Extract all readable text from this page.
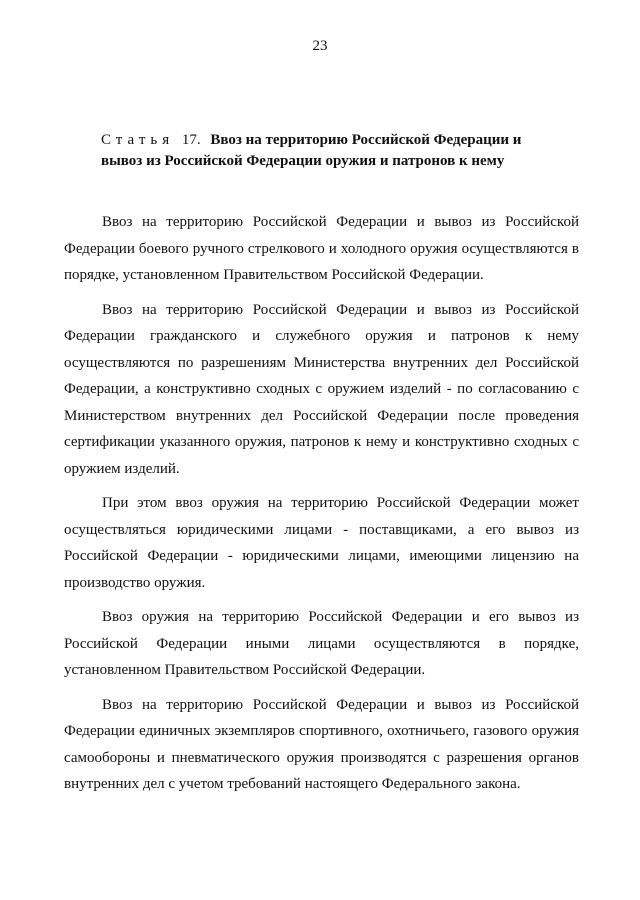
23
Статья 17. Ввоз на территорию Российской Федерации и вывоз из Российской Федерации оружия и патронов к нему

Ввоз на территорию Российской Федерации и вывоз из Российской Федерации боевого ручного стрелкового и холодного оружия осуществляются в порядке, установленном Правительством Российской Федерации.

Ввоз на территорию Российской Федерации и вывоз из Российской Федерации гражданского и служебного оружия и патронов к нему осуществляются по разрешениям Министерства внутренних дел Российской Федерации, а конструктивно сходных с оружием изделий - по согласованию с Министерством внутренних дел Российской Федерации после проведения сертификации указанного оружия, патронов к нему и конструктивно сходных с оружием изделий.

При этом ввоз оружия на территорию Российской Федерации может осуществляться юридическими лицами - поставщиками, а его вывоз из Российской Федерации - юридическими лицами, имеющими лицензию на производство оружия.

Ввоз оружия на территорию Российской Федерации и его вывоз из Российской Федерации иными лицами осуществляются в порядке, установленном Правительством Российской Федерации.

Ввоз на территорию Российской Федерации и вывоз из Российской Федерации единичных экземпляров спортивного, охотничьего, газового оружия самообороны и пневматического оружия производятся с разрешения органов внутренних дел с учетом требований настоящего Федерального закона.
